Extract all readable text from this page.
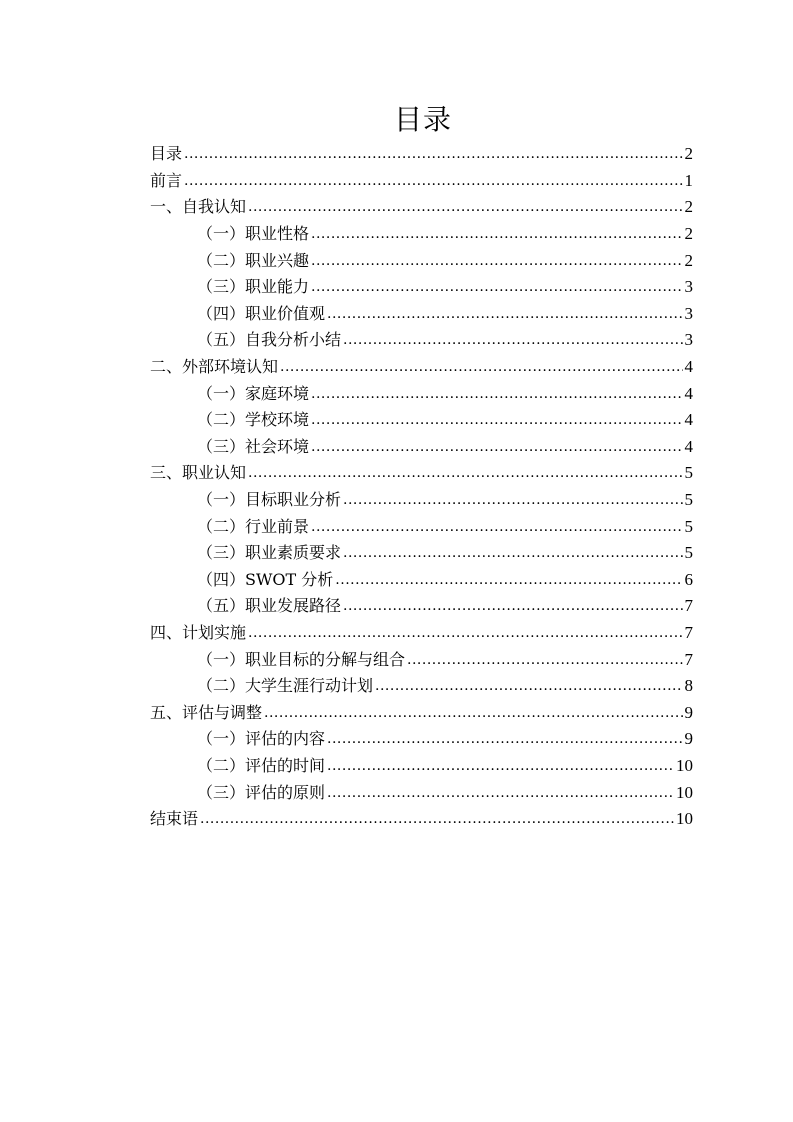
目录
目录 .....	2
前言 .....	1
一、自我认知 .....	2
（一）职业性格 .....	2
（二）职业兴趣 .....	2
（三）职业能力 .....	3
（四）职业价值观 .....	3
（五）自我分析小结 .....	3
二、外部环境认知 .....	4
（一）家庭环境 .....	4
（二）学校环境 .....	4
（三）社会环境 .....	4
三、职业认知 .....	5
（一）目标职业分析 .....	5
（二）行业前景 .....	5
（三）职业素质要求 .....	5
（四）SWOT 分析 .....	6
（五）职业发展路径 .....	7
四、计划实施 .....	7
（一）职业目标的分解与组合 .....	7
（二）大学生涯行动计划 .....	8
五、评估与调整 .....	9
（一）评估的内容 .....	9
（二）评估的时间 .....	10
（三）评估的原则 .....	10
结束语 .....	10
